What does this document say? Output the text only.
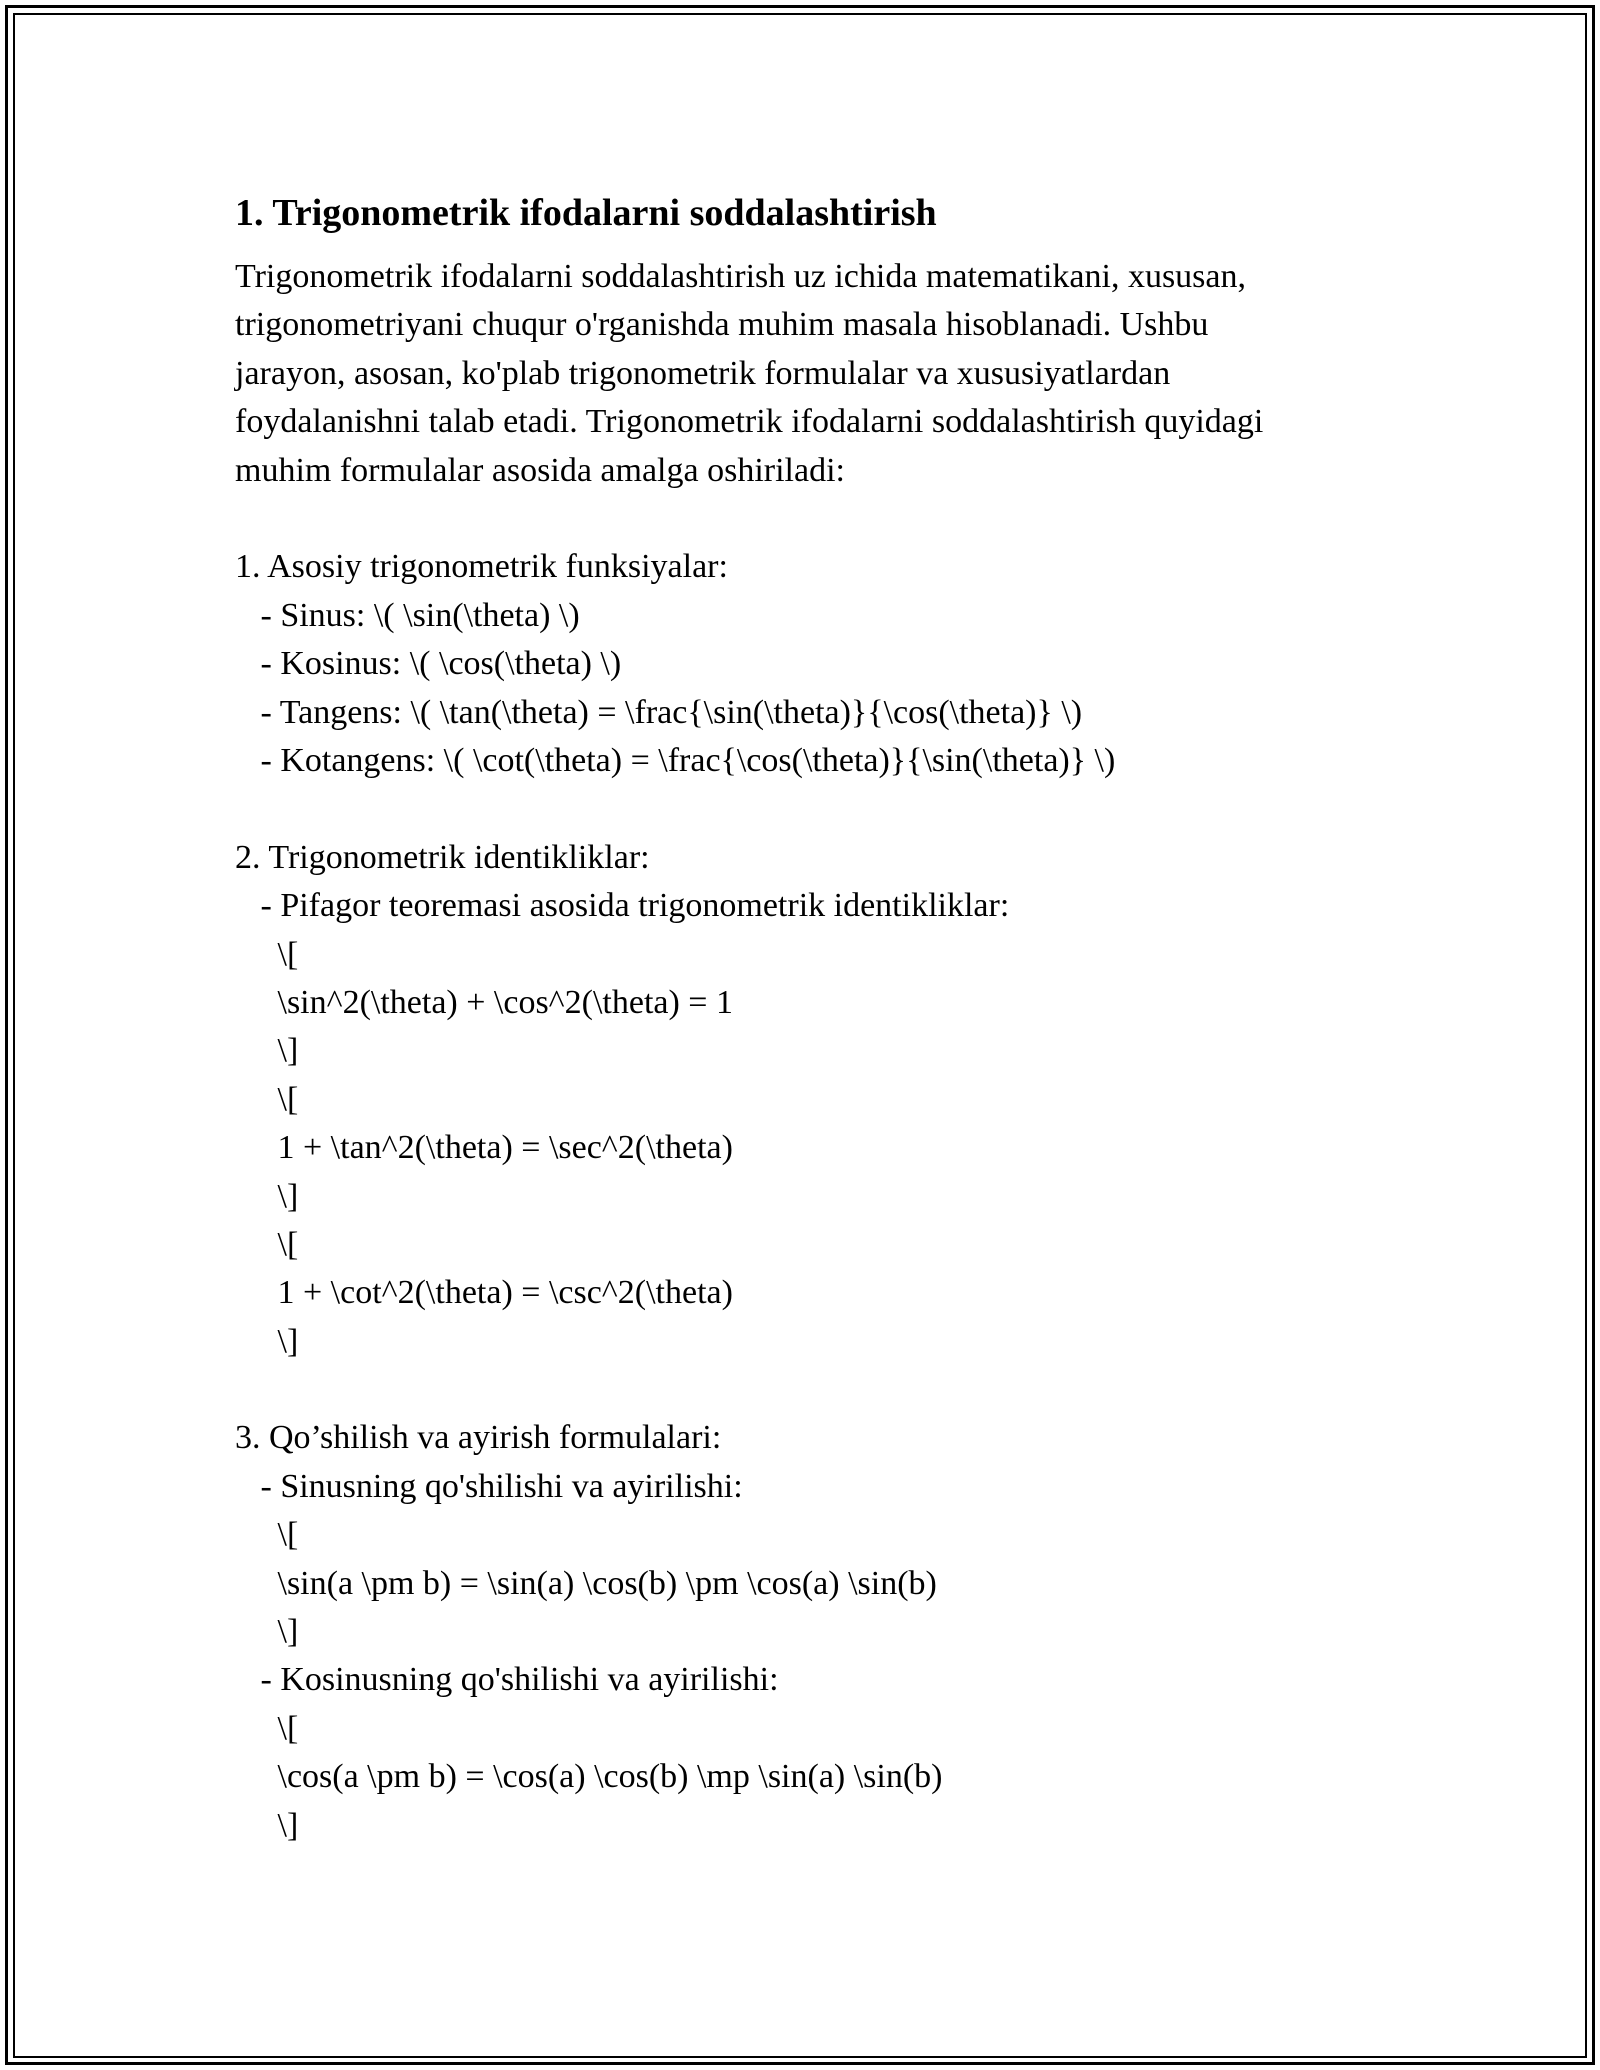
1. Trigonometrik ifodalarni soddalashtirish
Trigonometrik ifodalarni soddalashtirish uz ichida matematikani, xususan,
trigonometriyani chuqur o'rganishda muhim masala hisoblanadi. Ushbu
jarayon, asosan, ko'plab trigonometrik formulalar va xususiyatlardan
foydalanishni talab etadi. Trigonometrik ifodalarni soddalashtirish quyidagi
muhim formulalar asosida amalga oshiriladi:
1. Asosiy trigonometrik funksiyalar:
- Sinus: \( \sin(\theta) \)
- Kosinus: \( \cos(\theta) \)
- Tangens: \( \tan(\theta) = \frac{\sin(\theta)}{\cos(\theta)} \)
- Kotangens: \( \cot(\theta) = \frac{\cos(\theta)}{\sin(\theta)} \)
2. Trigonometrik identikliklar:
- Pifagor teoremasi asosida trigonometrik identikliklar:
\[
\sin^2(\theta) + \cos^2(\theta) = 1
\]
\[
1 + \tan^2(\theta) = \sec^2(\theta)
\]
\[
1 + \cot^2(\theta) = \csc^2(\theta)
\]
3. Qo’shilish va ayirish formulalari:
- Sinusning qo'shilishi va ayirilishi:
\[
\sin(a \pm b) = \sin(a) \cos(b) \pm \cos(a) \sin(b)
\]
- Kosinusning qo'shilishi va ayirilishi:
\[
\cos(a \pm b) = \cos(a) \cos(b) \mp \sin(a) \sin(b)
\]
